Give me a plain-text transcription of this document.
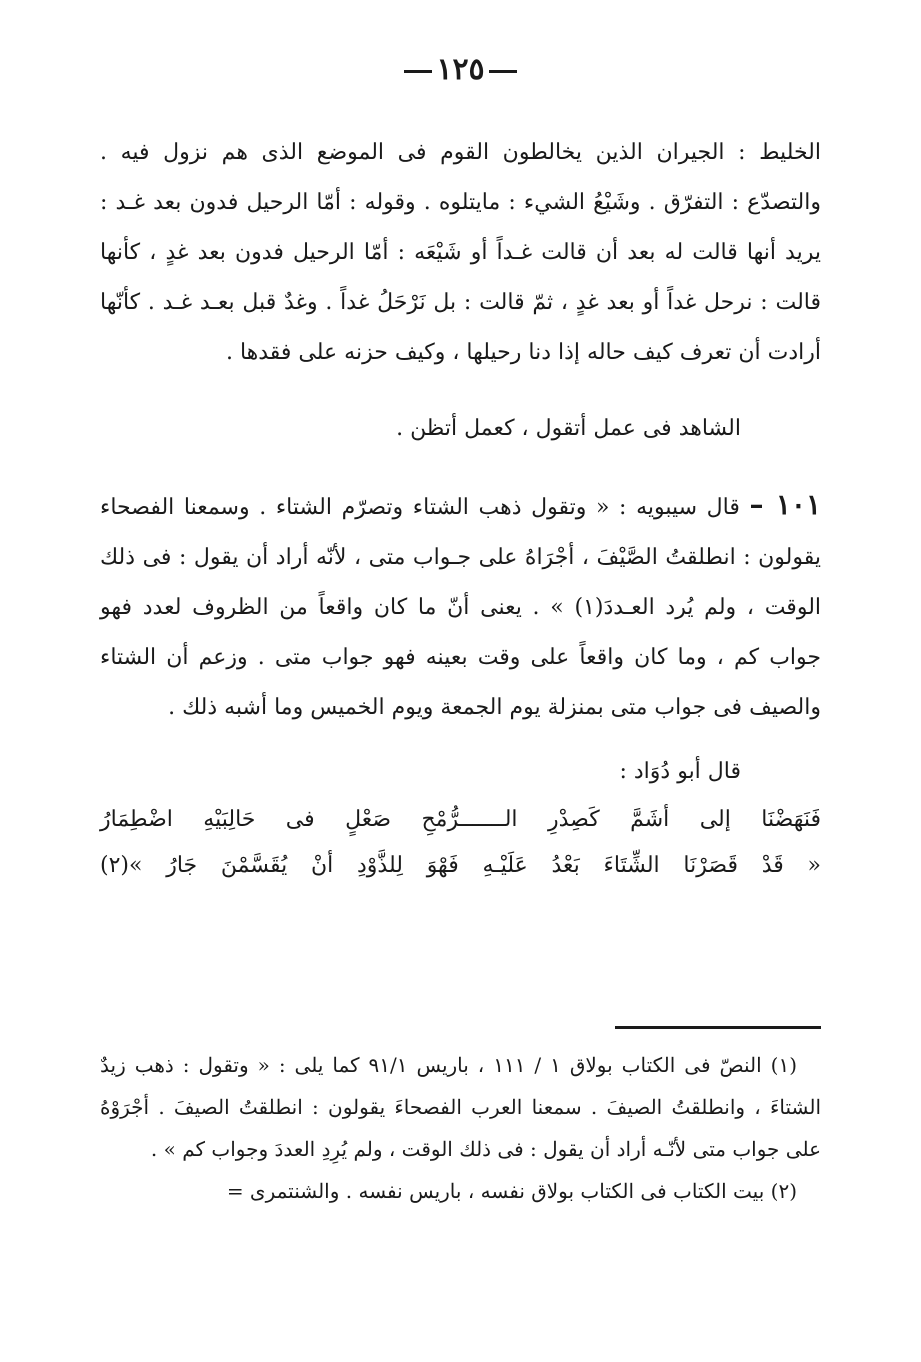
١٢٥

الخليط : الجيران الذين يخالطون القوم فى الموضع الذى هم نزول فيه . والتصدّع : التفرّق . وشَيْعُ الشيء : مايتلوه . وقوله : أمّا الرحيل فدون بعد غـد : يريد أنها قالت له بعد أن قالت غـداً أو شَيْعَه : أمّا الرحيل فدون بعد غدٍ ، كأنها قالت : نرحل غداً أو بعد غدٍ ، ثمّ قالت : بل نَرْحَلُ غداً . وغدٌ قبل بعـد غـد . كأنّها أرادت أن تعرف كيف حاله إذا دنا رحيلها ، وكيف حزنه على فقدها .

الشاهد فى عمل أتقول ، كعمل أتظن .

١٠١ – قال سيبويه : « وتقول ذهب الشتاء وتصرّم الشتاء . وسمعنا الفصحاء يقولون : انطلقتُ الصَّيْفَ ، أجْرَاهُ على جـواب متى ، لأنّه أراد أن يقول : فى ذلك الوقت ، ولم يُرد العـددَ(١) » . يعنى أنّ ما كان واقعاً من الظروف لعدد فهو جواب كم ، وما كان واقعاً على وقت بعينه فهو جواب متى . وزعم أن الشتاء والصيف فى جواب متى بمنزلة يوم الجمعة ويوم الخميس وما أشبه ذلك .

قال أبو دُوَاد :

فَنَهَضْنَا إلى أشَمَّ كَصِدْرِ الـــــــرُّمْحِ صَعْلٍ فى حَالِبَيْهِ اضْطِمَارُ
« قَدْ قَصَرْنَا الشِّتَاءَ بَعْدُ عَلَيْـهِ فَهْوَ لِلذَّوْدِ أنْ يُقَسَّمْنَ جَارُ »(٢)

(١) النصّ فى الكتاب بولاق ١ / ١١١ ، باريس ٩١/١ كما يلى : « وتقول : ذهب زيدٌ الشتاءَ ، وانطلقتُ الصيفَ . سمعنا العرب الفصحاءَ يقولون : انطلقتُ الصيفَ . أجْرَوْهُ على جواب متى لأنّـه أراد أن يقول : فى ذلك الوقت ، ولم يُرِدِ العددَ وجواب كم » .

(٢) بيت الكتاب فى الكتاب بولاق نفسه ، باريس نفسه . والشنتمرى =
